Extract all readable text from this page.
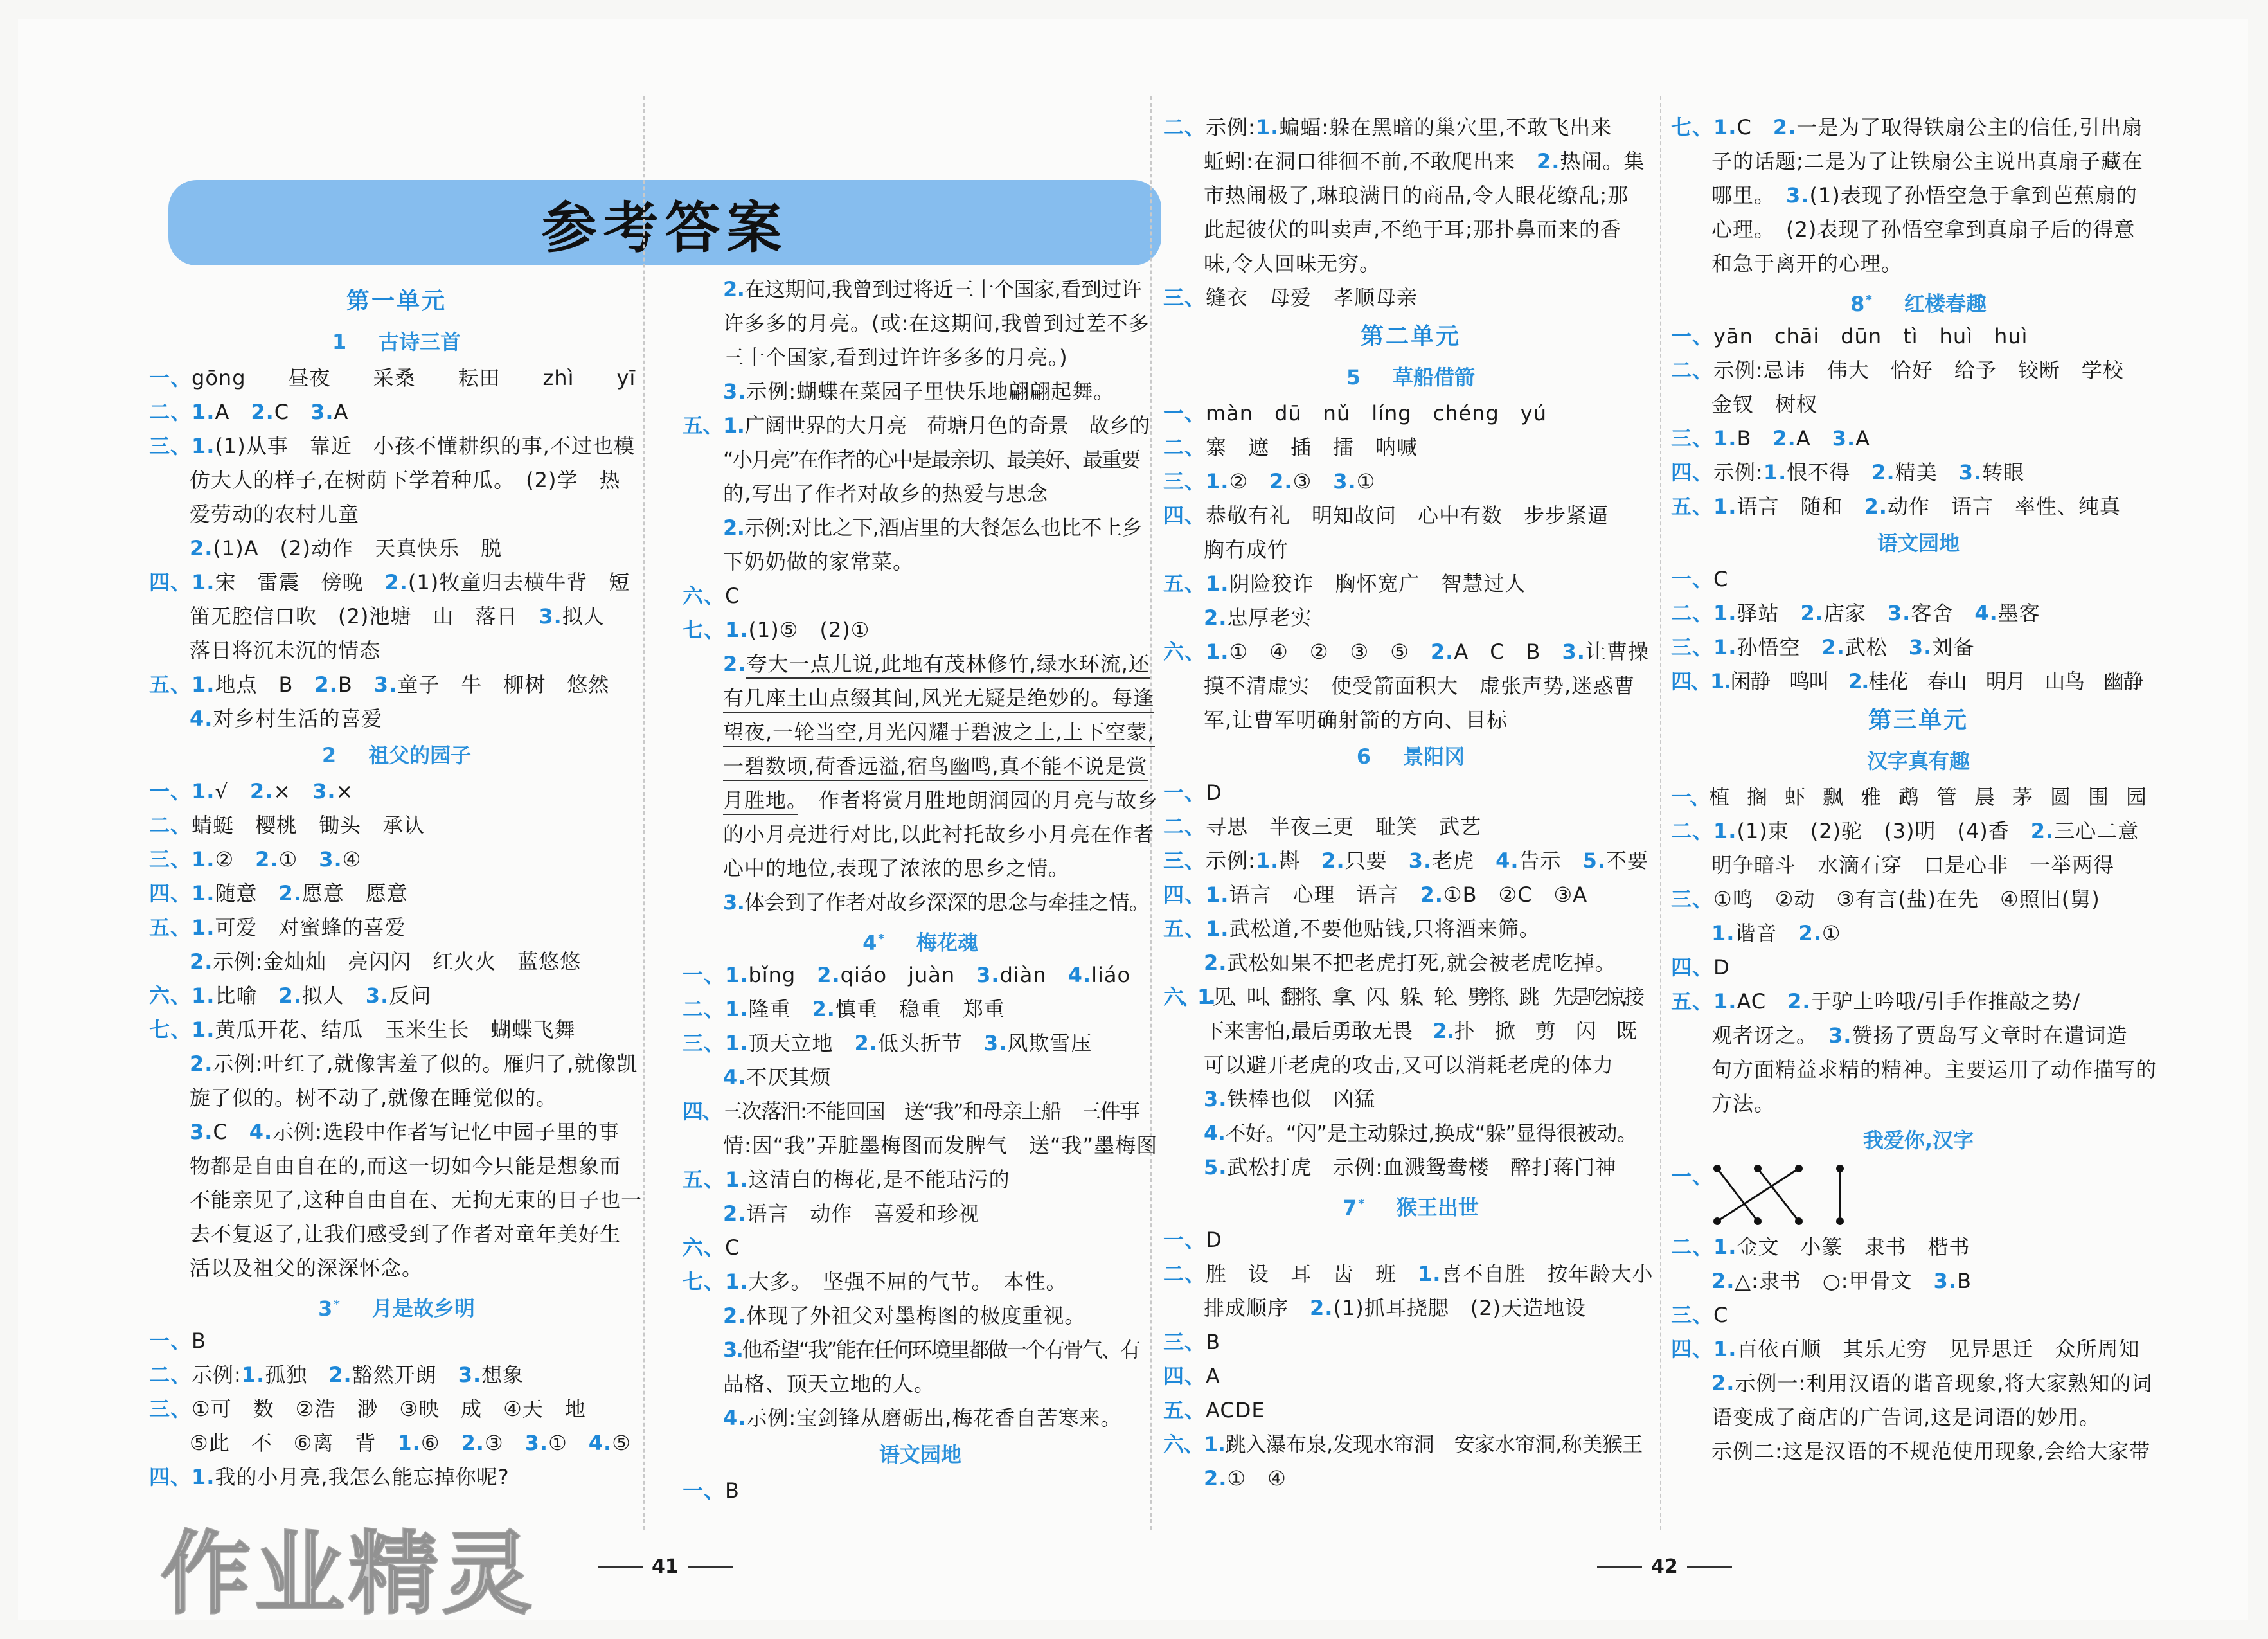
参考答案
第一单元
1 古诗三首
一、gōng　　昼夜　　采桑　　耘田　　zhì　　yī
二、1.A　2.C　3.A
三、1.(1)从事　靠近　小孩不懂耕织的事,不过也模
仿大人的样子,在树荫下学着种瓜。　(2)学　热
爱劳动的农村儿童
2.(1)A　(2)动作　天真快乐　脱
四、1.宋　雷震　傍晚　2.(1)牧童归去横牛背　短
笛无腔信口吹　(2)池塘　山　落日　3.拟人
落日将沉未沉的情态
五、1.地点　B　2.B　3.童子　牛　柳树　悠然
4.对乡村生活的喜爱
2 祖父的园子
一、1.√　2.×　3.×
二、蜻蜓　樱桃　锄头　承认
三、1.②　2.①　3.④
四、1.随意　2.愿意　愿意
五、1.可爱　对蜜蜂的喜爱
2.示例:金灿灿　亮闪闪　红火火　蓝悠悠
六、1.比喻　2.拟人　3.反问
七、1.黄瓜开花、结瓜　玉米生长　蝴蝶飞舞
2.示例:叶红了,就像害羞了似的。雁归了,就像凯
旋了似的。树不动了,就像在睡觉似的。
3.C　4.示例:选段中作者写记忆中园子里的事
物都是自由自在的,而这一切如今只能是想象而
不能亲见了,这种自由自在、无拘无束的日子也一
去不复返了,让我们感受到了作者对童年美好生
活以及祖父的深深怀念。
3 * 月是故乡明
一、B
二、示例:1.孤独　2.豁然开朗　3.想象
三、①可　数　②浩　渺　③映　成　④天　地
⑤此　不　⑥离　背　1.⑥　2.③　3.①　4.⑤
四、1.我的小月亮,我怎么能忘掉你呢?
2.在这期间,我曾到过将近三十个国家,看到过许
许多多的月亮。(或:在这期间,我曾到过差不多
三十个国家,看到过许许多多的月亮。)
3.示例:蝴蝶在菜园子里快乐地翩翩起舞。
五、1.广阔世界的大月亮　荷塘月色的奇景　故乡的
“小月亮”在作者的心中是最亲切、最美好、最重要
的,写出了作者对故乡的热爱与思念
2.示例:对比之下,酒店里的大餐怎么也比不上乡
下奶奶做的家常菜。
六、C
七、1.(1)⑤　(2)①
2.夸大一点儿说,此地有茂林修竹,绿水环流,还
有几座土山点缀其间,风光无疑是绝妙的。每逢
望夜,一轮当空,月光闪耀于碧波之上,上下空蒙,
一碧数顷,荷香远溢,宿鸟幽鸣,真不能不说是赏
月胜地。　作者将赏月胜地朗润园的月亮与故乡
的小月亮进行对比,以此衬托故乡小月亮在作者
心中的地位,表现了浓浓的思乡之情。
3.体会到了作者对故乡深深的思念与牵挂之情。
4 * 梅花魂
一、1.bǐng　2.qiáo　juàn　3.diàn　4.liáo
二、1.隆重　2.慎重　稳重　郑重
三、1.顶天立地　2.低头折节　3.风欺雪压
4.不厌其烦
四、三次落泪:不能回国　送“我”和母亲上船　三件事
情:因“我”弄脏墨梅图而发脾气　送“我”墨梅图
五、1.这清白的梅花,是不能玷污的
2.语言　动作　喜爱和珍视
六、C
七、1.大多。　坚强不屈的气节。　本性。
2.体现了外祖父对墨梅图的极度重视。
3.他希望“我”能在任何环境里都做一个有骨气、有
品格、顶天立地的人。
4.示例:宝剑锋从磨砺出,梅花香自苦寒来。
语文园地
一、B
二、示例:1.蝙蝠:躲在黑暗的巢穴里,不敢飞出来
蚯蚓:在洞口徘徊不前,不敢爬出来　2.热闹。集
市热闹极了,琳琅满目的商品,令人眼花缭乱;那
此起彼伏的叫卖声,不绝于耳;那扑鼻而来的香
味,令人回味无穷。
三、缝衣　母爱　孝顺母亲
第二单元
5 草船借箭
一、màn　dū　nǔ　líng　chéng　yú
二、寨　遮　插　擂　呐喊
三、1.②　2.③　3.①
四、恭敬有礼　明知故问　心中有数　步步紧逼
胸有成竹
五、1.阴险狡诈　胸怀宽广　智慧过人
2.忠厚老实
六、1.①　④　②　③　⑤　2.A　C　B　3.让曹操
摸不清虚实　使受箭面积大　虚张声势,迷惑曹
军,让曹军明确射箭的方向、目标
6 景阳冈
一、D
二、寻思　半夜三更　耻笑　武艺
三、示例:1.斟　2.只要　3.老虎　4.告示　5.不要
四、1.语言　心理　语言　2.①B　②C　③A
五、1.武松道,不要他贴钱,只将酒来筛。
2.武松如果不把老虎打死,就会被老虎吃掉。
六、1.见、叫、翻将、拿、闪、躲、轮、劈将、跳　先是吃惊,接
下来害怕,最后勇敢无畏　2.扑　掀　剪　闪　既
可以避开老虎的攻击,又可以消耗老虎的体力
3.铁棒也似　凶猛
4.不好。“闪”是主动躲过,换成“躲”显得很被动。
5.武松打虎　示例:血溅鸳鸯楼　醉打蒋门神
7 * 猴王出世
一、D
二、胜　设　耳　齿　班　1.喜不自胜　按年龄大小
排成顺序　2.(1)抓耳挠腮　(2)天造地设
三、B
四、A
五、ACDE
六、1.跳入瀑布泉,发现水帘洞　安家水帘洞,称美猴王
2.①　④
七、1.C　2.一是为了取得铁扇公主的信任,引出扇
子的话题;二是为了让铁扇公主说出真扇子藏在
哪里。　3.(1)表现了孙悟空急于拿到芭蕉扇的
心理。　(2)表现了孙悟空拿到真扇子后的得意
和急于离开的心理。
8 * 红楼春趣
一、yān　chāi　dūn　tì　huì　huì
二、示例:忌讳　伟大　恰好　给予　铰断　学校
金钗　树杈
三、1.B　2.A　3.A
四、示例:1.恨不得　2.精美　3.转眼
五、1.语言　随和　2.动作　语言　率性、纯真
语文园地
一、C
二、1.驿站　2.店家　3.客舍　4.墨客
三、1.孙悟空　2.武松　3.刘备
四、1.闲静　鸣叫　2.桂花　春山　明月　山鸟　幽静
第三单元
汉字真有趣
一、植　搁　虾　飘　雅　鹉　管　晨　茅　圆　围　园
二、1.(1)束　(2)驼　(3)明　(4)香　2.三心二意
明争暗斗　水滴石穿　口是心非　一举两得
三、①鸣　②动　③有言(盐)在先　④照旧(舅)
1.谐音　2.①
四、D
五、1.AC　2.于驴上吟哦/引手作推敲之势/
观者讶之。　3.赞扬了贾岛写文章时在遣词造
句方面精益求精的精神。主要运用了动作描写的
方法。
我爱你,汉字
一、
二、1.金文　小篆　隶书　楷书
2.△:隶书　○:甲骨文　3.B
三、C
四、1.百依百顺　其乐无穷　见异思迁　众所周知
2.示例一:利用汉语的谐音现象,将大家熟知的词
语变成了商店的广告词,这是词语的妙用。
示例二:这是汉语的不规范使用现象,会给大家带
41	42
作业精灵
